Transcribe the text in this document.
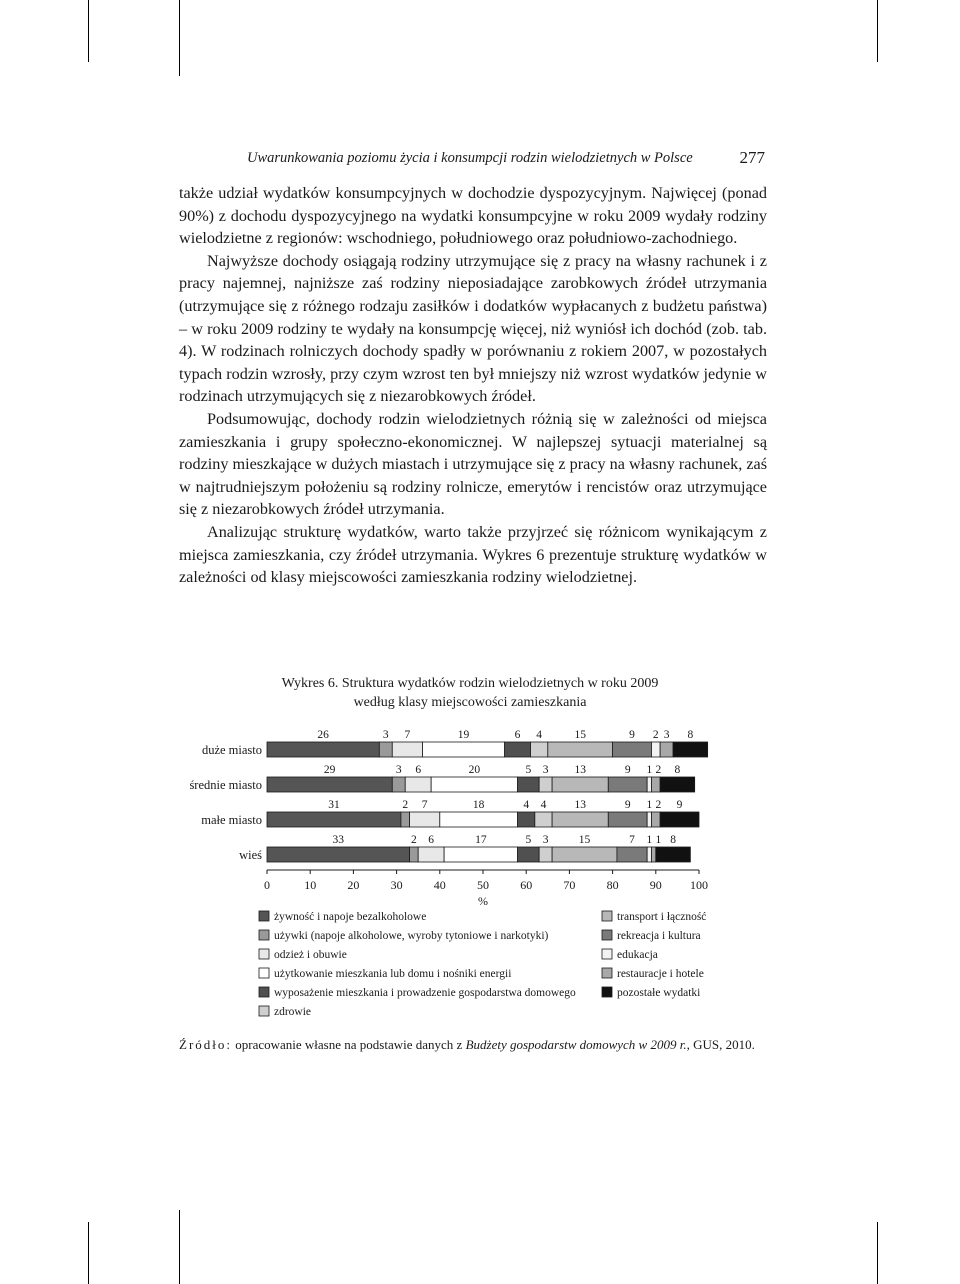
Uwarunkowania poziomu życia i konsumpcji rodzin wielodzietnych w Polsce	277

także udział wydatków konsumpcyjnych w dochodzie dyspozycyjnym. Najwięcej (ponad 90%) z dochodu dyspozycyjnego na wydatki konsumpcyjne w roku 2009 wydały rodziny wielodzietne z regionów: wschodniego, południowego oraz południowo-zachodniego.

Najwyższe dochody osiągają rodziny utrzymujące się z pracy na własny rachunek i z pracy najemnej, najniższe zaś rodziny nieposiadające zarobkowych źródeł utrzymania (utrzymujące się z różnego rodzaju zasiłków i dodatków wypłacanych z budżetu państwa) – w roku 2009 rodziny te wydały na konsumpcję więcej, niż wyniósł ich dochód (zob. tab. 4). W rodzinach rolniczych dochody spadły w porównaniu z rokiem 2007, w pozostałych typach rodzin wzrosły, przy czym wzrost ten był mniejszy niż wzrost wydatków jedynie w rodzinach utrzymujących się z niezarobkowych źródeł.

Podsumowując, dochody rodzin wielodzietnych różnią się w zależności od miejsca zamieszkania i grupy społeczno-ekonomicznej. W najlepszej sytuacji materialnej są rodziny mieszkające w dużych miastach i utrzymujące się z pracy na własny rachunek, zaś w najtrudniejszym położeniu są rodziny rolnicze, emerytów i rencistów oraz utrzymujące się z niezarobkowych źródeł utrzymania.

Analizując strukturę wydatków, warto także przyjrzeć się różnicom wynikającym z miejsca zamieszkania, czy źródeł utrzymania. Wykres 6 prezentuje strukturę wydatków w zależności od klasy miejscowości zamieszkania rodziny wielodzietnej.

Wykres 6. Struktura wydatków rodzin wielodzietnych w roku 2009
według klasy miejscowości zamieszkania
duże miasto
26	3 7	19	6 4	15	9 2 3 8
średnie miasto
29	3 6	20	5 3 13	9 1 2 8
małe miasto
31	2 7	18	4 4 13	9 1 2 9
wieś
33	2 6	17	5 3	15	7 1 1 8
0	10	20	30	40	50	60	70	80	90 100
%
żywność i napoje bezalkoholowe
używki (napoje alkoholowe, wyroby tytoniowe i narkotyki)
odzież i obuwie
użytkowanie mieszkania lub domu i nośniki energii
wyposażenie mieszkania i prowadzenie gospodarstwa domowego
zdrowie
transport i łączność
rekreacja i kultura
edukacja
restauracje i hotele
pozostałe wydatki
Źródło: opracowanie własne na podstawie danych z Budżety gospodarstw domowych w 2009 r., GUS, 2010.
